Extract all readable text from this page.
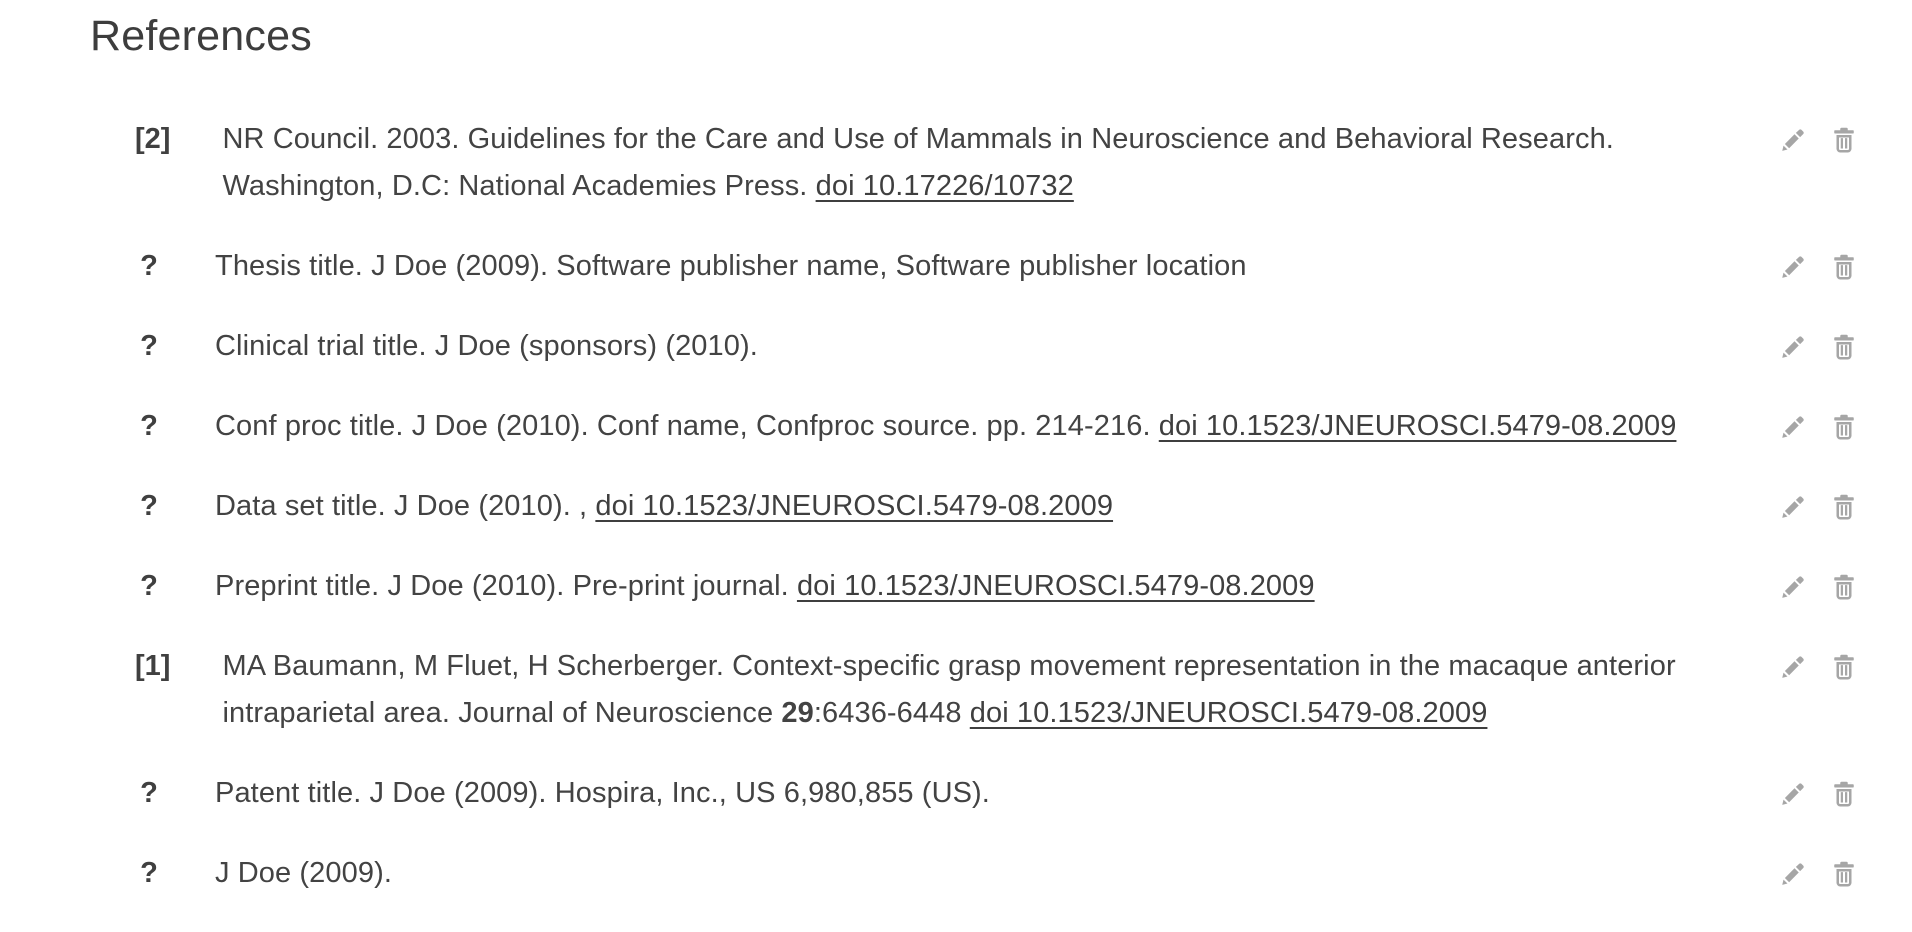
References
[2] NR Council. 2003. Guidelines for the Care and Use of Mammals in Neuroscience and Behavioral Research. Washington, D.C: National Academies Press. doi 10.17226/10732
? Thesis title. J Doe (2009). Software publisher name, Software publisher location
? Clinical trial title. J Doe (sponsors) (2010).
? Conf proc title. J Doe (2010). Conf name, Confproc source. pp. 214-216. doi 10.1523/JNEUROSCI.5479-08.2009
? Data set title. J Doe (2010). , doi 10.1523/JNEUROSCI.5479-08.2009
? Preprint title. J Doe (2010). Pre-print journal. doi 10.1523/JNEUROSCI.5479-08.2009
[1] MA Baumann, M Fluet, H Scherberger. Context-specific grasp movement representation in the macaque anterior intraparietal area. Journal of Neuroscience 29:6436-6448 doi 10.1523/JNEUROSCI.5479-08.2009
? Patent title. J Doe (2009). Hospira, Inc., US 6,980,855 (US).
? J Doe (2009).
